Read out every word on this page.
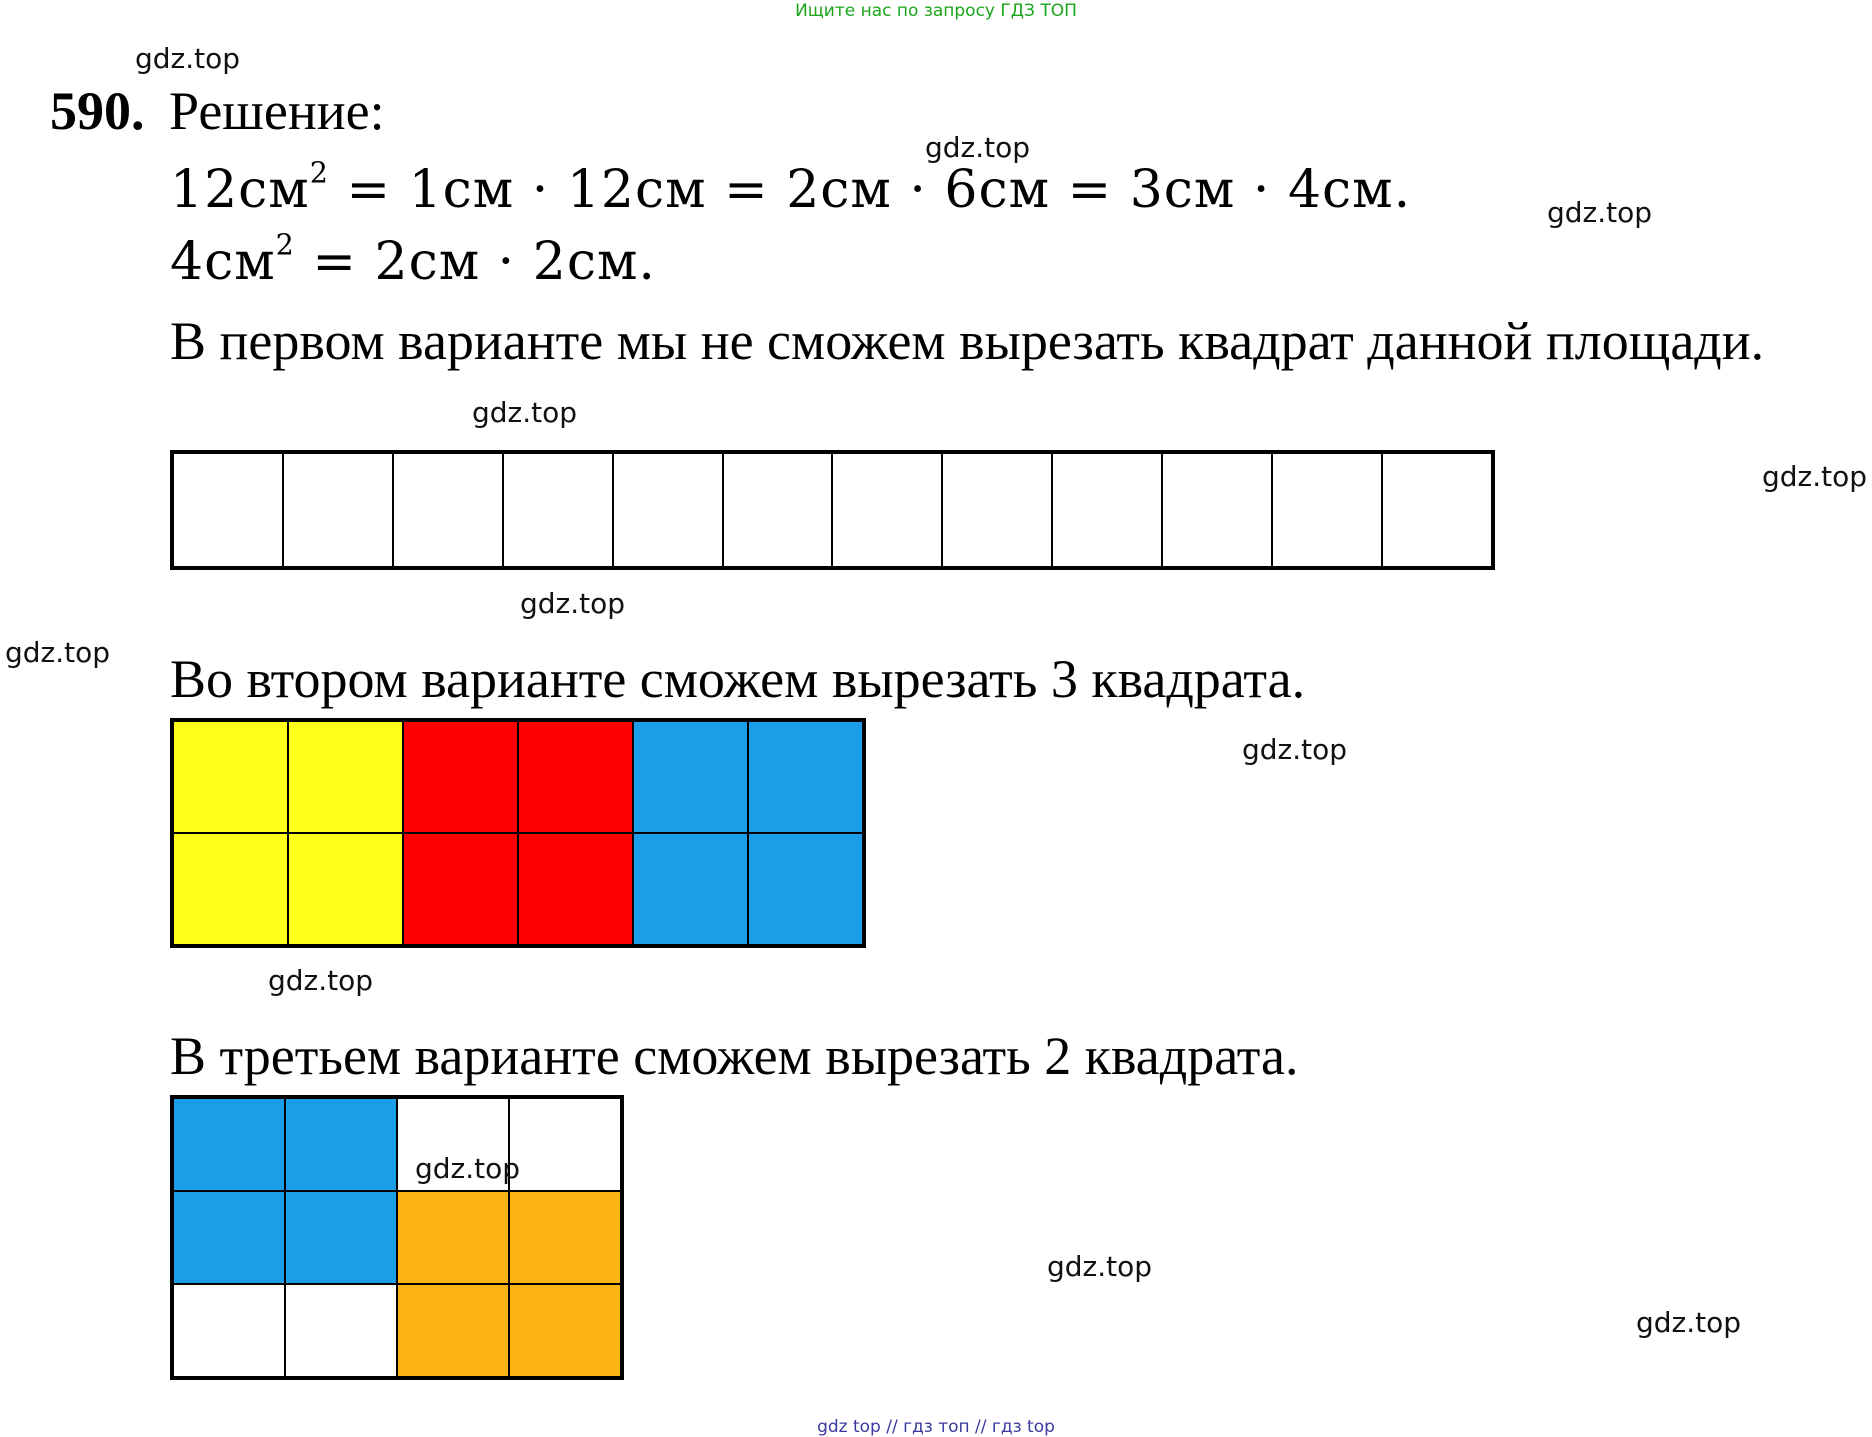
Ищите нас по запросу ГДЗ ТОП
590. Решение:
$12см^2 = 1см \cdot 12см = 2см \cdot 6см = 3см \cdot 4см$.
$4см^2 = 2см \cdot 2см$.
В первом варианте мы не сможем вырезать квадрат данной площади.
Во втором варианте сможем вырезать 3 квадрата.
В третьем варианте сможем вырезать 2 квадрата.
gdz.top
gdz.top
gdz.top
gdz.top
gdz.top
gdz.top
gdz.top
gdz.top
gdz.top
gdz.top
gdz.top
gdz.top
gdz top // гдз топ // гдз top
